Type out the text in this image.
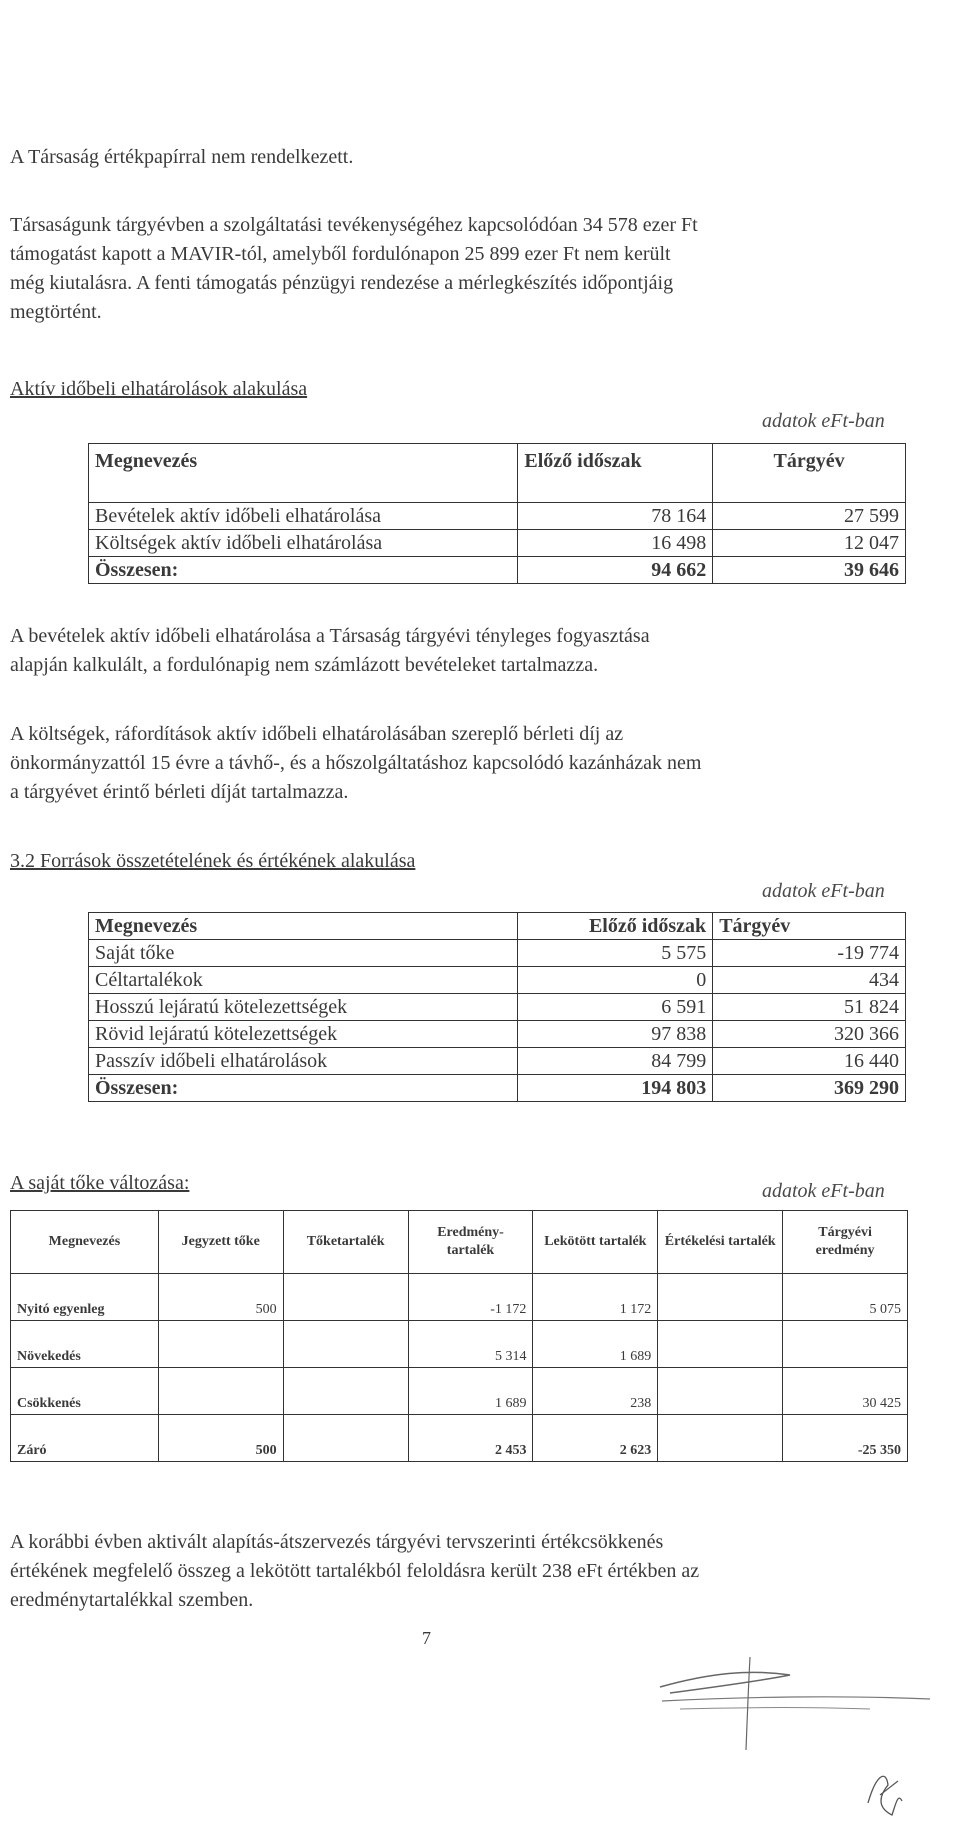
A Társaság értékpapírral nem rendelkezett.
Társaságunk tárgyévben a szolgáltatási tevékenységéhez kapcsolódóan 34 578 ezer Ft
támogatást kapott a MAVIR-tól, amelyből fordulónapon 25 899 ezer Ft nem került
még kiutalásra. A fenti támogatás pénzügyi rendezése a mérlegkészítés időpontjáig
megtörtént.
Aktív időbeli elhatárolások alakulása
adatok eFt-ban
Megnevezés	Előző időszak	Tárgyév
Bevételek aktív időbeli elhatárolása	78 164	27 599
Költségek aktív időbeli elhatárolása	16 498	12 047
Összesen:	94 662	39 646
A bevételek aktív időbeli elhatárolása a Társaság tárgyévi tényleges fogyasztása
alapján kalkulált, a fordulónapig nem számlázott bevételeket tartalmazza.
A költségek, ráfordítások aktív időbeli elhatárolásában szereplő bérleti díj az
önkormányzattól 15 évre a távhő-, és a hőszolgáltatáshoz kapcsolódó kazánházak nem
a tárgyévet érintő bérleti díját tartalmazza.
3.2 Források összetételének és értékének alakulása
adatok eFt-ban
Megnevezés	Előző időszak	Tárgyév
Saját tőke	5 575	-19 774
Céltartalékok	0	434
Hosszú lejáratú kötelezettségek	6 591	51 824
Rövid lejáratú kötelezettségek	97 838	320 366
Passzív időbeli elhatárolások	84 799	16 440
Összesen:	194 803	369 290
A saját tőke változása:	adatok eFt-ban
Megnevezés	Jegyzett tőke	Tőketartalék	Eredmény-tartalék	Lekötött tartalék	Értékelési tartalék	Tárgyévi eredmény
Nyitó egyenleg	500		-1 172	1 172		5 075
Növekedés			5 314	1 689		
Csökkenés			1 689	238		30 425
Záró	500		2 453	2 623		-25 350
A korábbi évben aktivált alapítás-átszervezés tárgyévi tervszerinti értékcsökkenés
értékének megfelelő összeg a lekötött tartalékból feloldásra került 238 eFt értékben az
eredménytartalékkal szemben.
7
